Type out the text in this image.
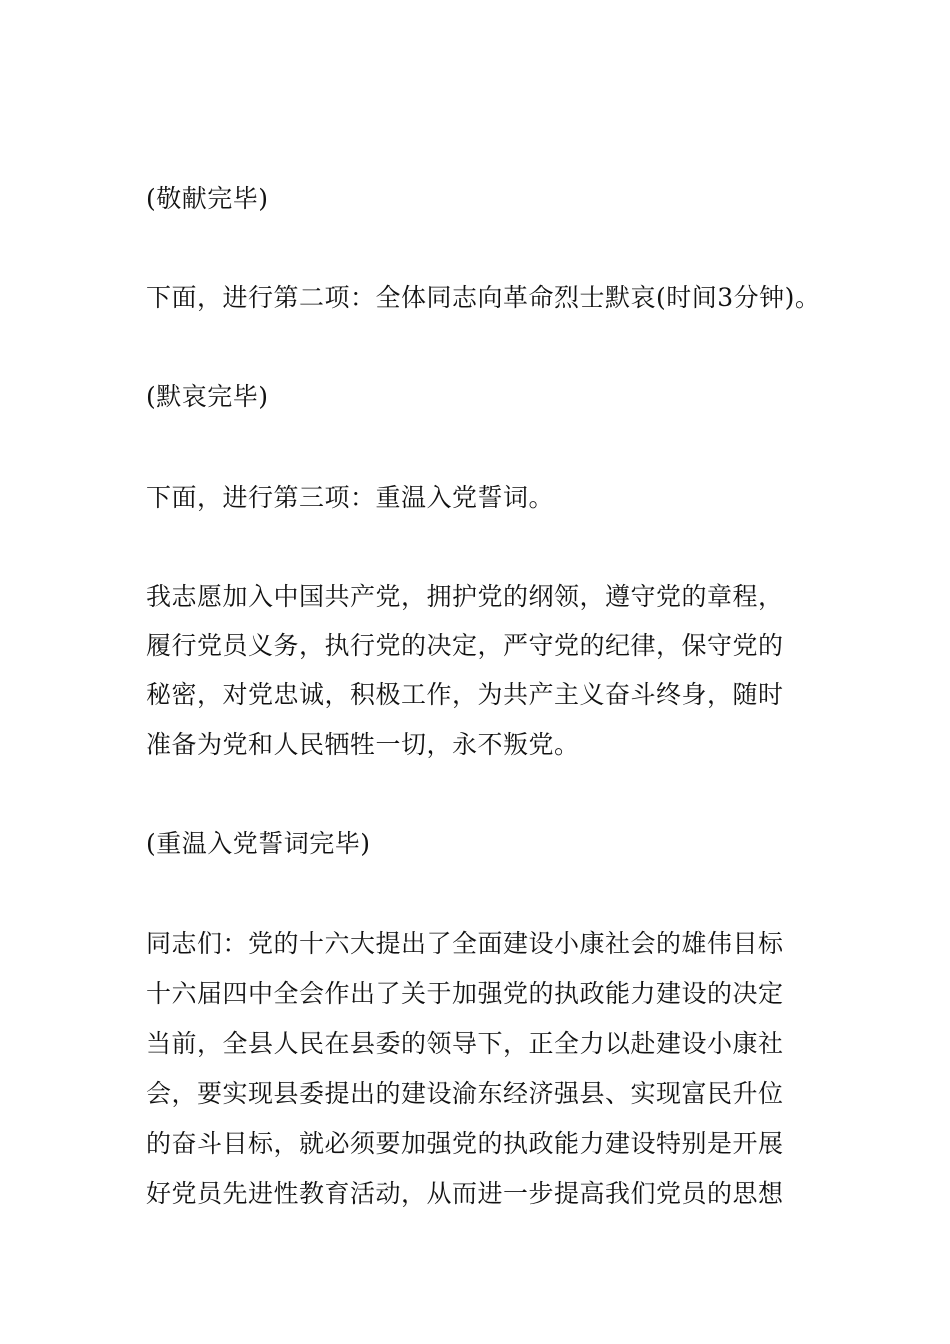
(敬献完毕)
下面，进行第二项：全体同志向革命烈士默哀(时间3分钟)。
(默哀完毕)
下面，进行第三项：重温入党誓词。
我志愿加入中国共产党，拥护党的纲领，遵守党的章程，
履行党员义务，执行党的决定，严守党的纪律，保守党的
秘密，对党忠诚，积极工作，为共产主义奋斗终身，随时
准备为党和人民牺牲一切，永不叛党。
(重温入党誓词完毕)
同志们：党的十六大提出了全面建设小康社会的雄伟目标
十六届四中全会作出了关于加强党的执政能力建设的决定
当前，全县人民在县委的领导下，正全力以赴建设小康社
会，要实现县委提出的建设渝东经济强县、实现富民升位
的奋斗目标，就必须要加强党的执政能力建设特别是开展
好党员先进性教育活动，从而进一步提高我们党员的思想
